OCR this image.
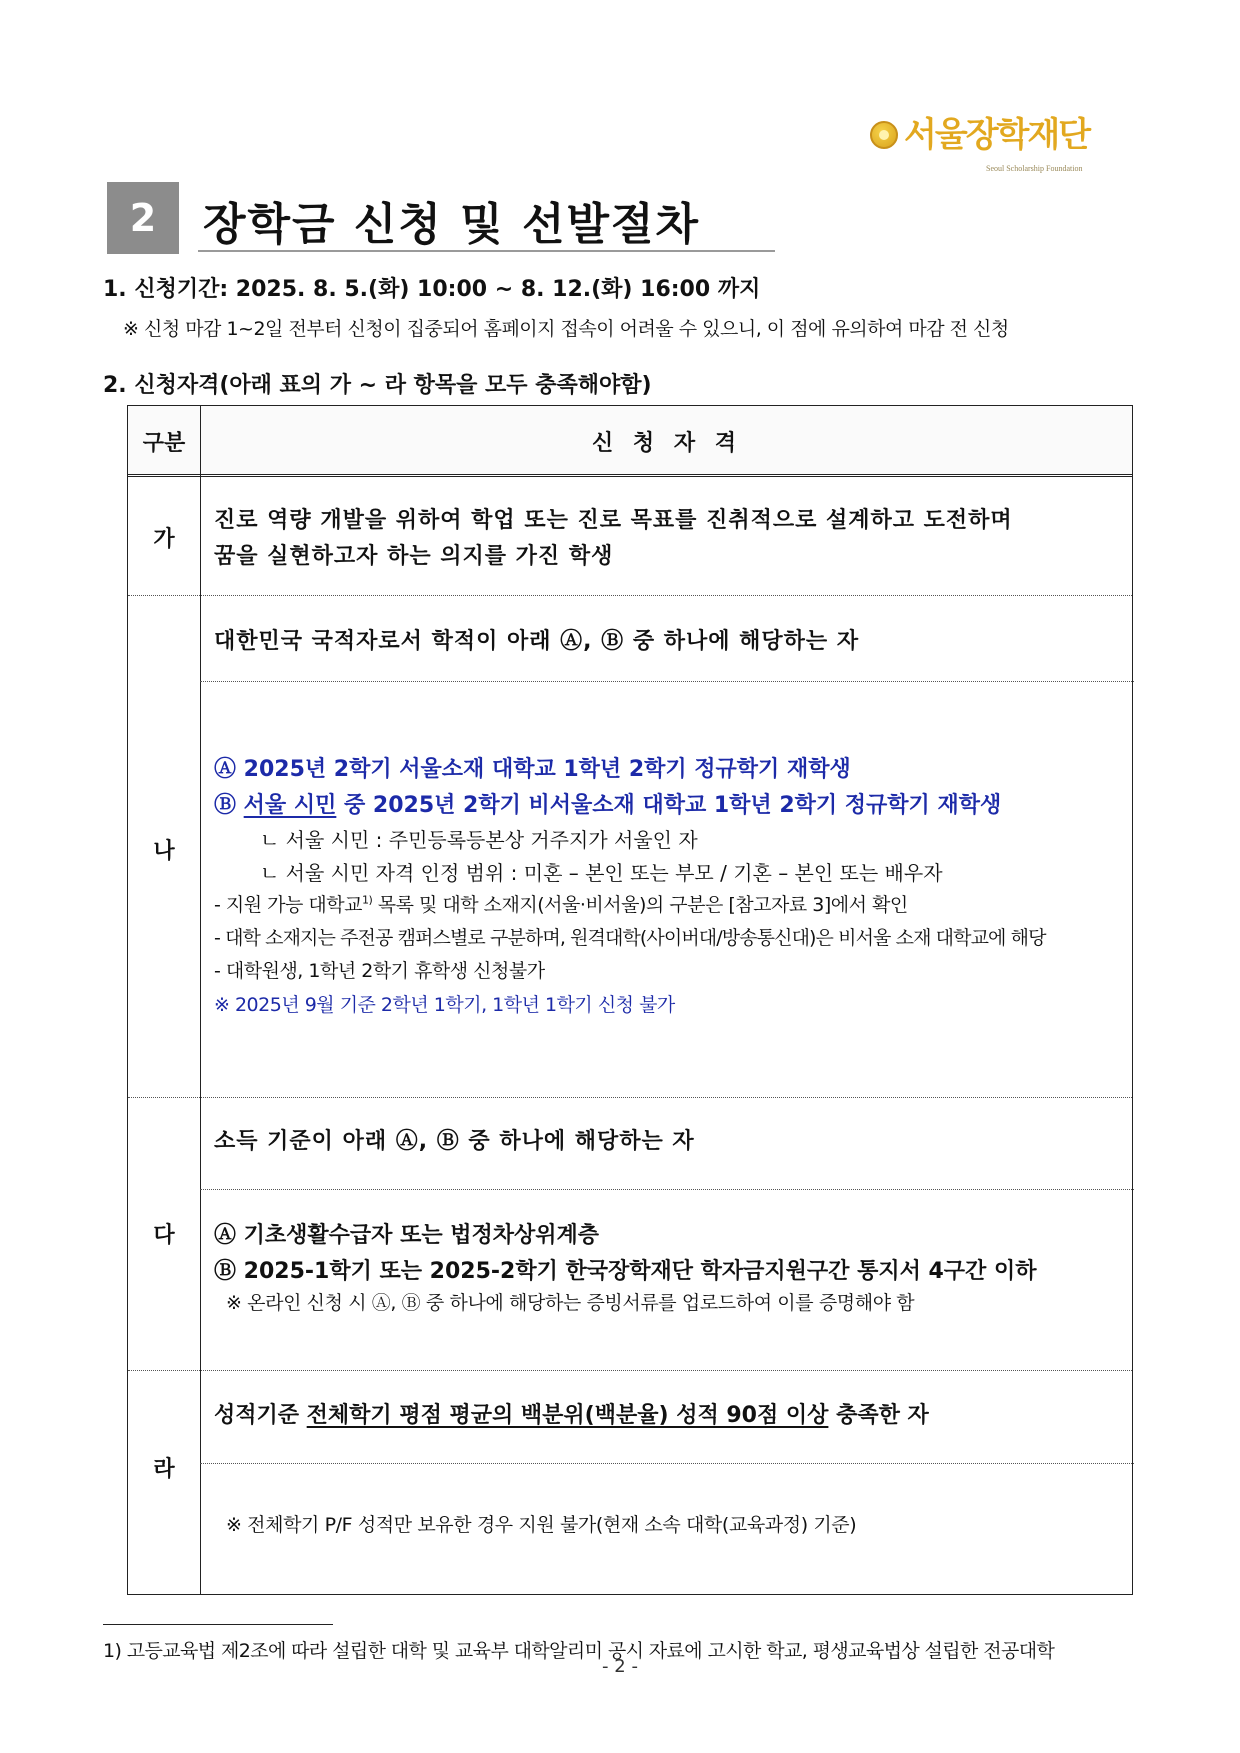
서울장학재단
Seoul Scholarship Foundation
2	장학금 신청 및 선발절차
1. 신청기간: 2025. 8. 5.(화) 10:00 ~ 8. 12.(화) 16:00 까지
※ 신청 마감 1~2일 전부터 신청이 집중되어 홈페이지 접속이 어려울 수 있으니, 이 점에 유의하여 마감 전 신청
2. 신청자격(아래 표의 가 ~ 라 항목을 모두 충족해야함)
구분	신 청 자 격
가
진로 역량 개발을 위하여 학업 또는 진로 목표를 진취적으로 설계하고 도전하며
꿈을 실현하고자 하는 의지를 가진 학생
나
대한민국 국적자로서 학적이 아래 Ⓐ, Ⓑ 중 하나에 해당하는 자
Ⓐ 2025년 2학기 서울소재 대학교 1학년 2학기 정규학기 재학생
Ⓑ 서울 시민 중 2025년 2학기 비서울소재 대학교 1학년 2학기 정규학기 재학생
ㄴ 서울 시민 : 주민등록등본상 거주지가 서울인 자
ㄴ 서울 시민 자격 인정 범위 : 미혼 – 본인 또는 부모 / 기혼 – 본인 또는 배우자
- 지원 가능 대학교$^{1)}$ 목록 및 대학 소재지(서울·비서울)의 구분은 [참고자료 3]에서 확인
- 대학 소재지는 주전공 캠퍼스별로 구분하며, 원격대학(사이버대/방송통신대)은 비서울 소재 대학교에 해당
- 대학원생, 1학년 2학기 휴학생 신청불가
※ 2025년 9월 기준 2학년 1학기, 1학년 1학기 신청 불가
다
소득 기준이 아래 Ⓐ, Ⓑ 중 하나에 해당하는 자
Ⓐ 기초생활수급자 또는 법정차상위계층
Ⓑ 2025-1학기 또는 2025-2학기 한국장학재단 학자금지원구간 통지서 4구간 이하
※ 온라인 신청 시 Ⓐ, Ⓑ 중 하나에 해당하는 증빙서류를 업로드하여 이를 증명해야 함
라
성적기준 전체학기 평점 평균의 백분위(백분율) 성적 90점 이상 충족한 자
※ 전체학기 P/F 성적만 보유한 경우 지원 불가(현재 소속 대학(교육과정) 기준)
1) 고등교육법 제2조에 따라 설립한 대학 및 교육부 대학알리미 공시 자료에 고시한 학교, 평생교육법상 설립한 전공대학
- 2 -
